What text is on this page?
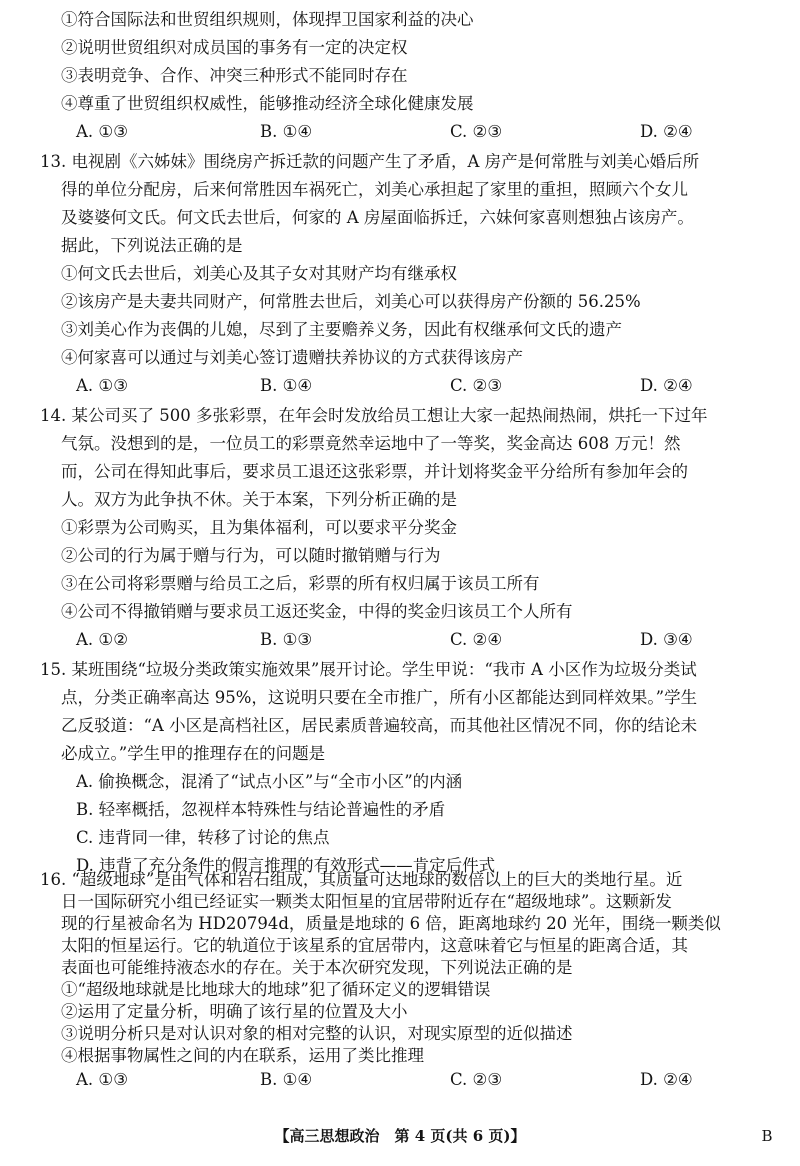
①符合国际法和世贸组织规则，体现捍卫国家利益的决心
②说明世贸组织对成员国的事务有一定的决定权
③表明竞争、合作、冲突三种形式不能同时存在
④尊重了世贸组织权威性，能够推动经济全球化健康发展
A. ①③	B. ①④	C. ②③	D. ②④
13. 电视剧《六姊妹》围绕房产拆迁款的问题产生了矛盾，A 房产是何常胜与刘美心婚后所
得的单位分配房，后来何常胜因车祸死亡，刘美心承担起了家里的重担，照顾六个女儿
及婆婆何文氏。何文氏去世后，何家的 A 房屋面临拆迁，六妹何家喜则想独占该房产。
据此，下列说法正确的是
①何文氏去世后，刘美心及其子女对其财产均有继承权
②该房产是夫妻共同财产，何常胜去世后，刘美心可以获得房产份额的 56.25%
③刘美心作为丧偶的儿媳，尽到了主要赡养义务，因此有权继承何文氏的遗产
④何家喜可以通过与刘美心签订遗赠扶养协议的方式获得该房产
A. ①③	B. ①④	C. ②③	D. ②④
14. 某公司买了 500 多张彩票，在年会时发放给员工想让大家一起热闹热闹，烘托一下过年
气氛。没想到的是，一位员工的彩票竟然幸运地中了一等奖，奖金高达 608 万元！然
而，公司在得知此事后，要求员工退还这张彩票，并计划将奖金平分给所有参加年会的
人。双方为此争执不休。关于本案，下列分析正确的是
①彩票为公司购买，且为集体福利，可以要求平分奖金
②公司的行为属于赠与行为，可以随时撤销赠与行为
③在公司将彩票赠与给员工之后，彩票的所有权归属于该员工所有
④公司不得撤销赠与要求员工返还奖金，中得的奖金归该员工个人所有
A. ①②	B. ①③	C. ②④	D. ③④
15. 某班围绕“垃圾分类政策实施效果”展开讨论。学生甲说：“我市 A 小区作为垃圾分类试
点，分类正确率高达 95%，这说明只要在全市推广，所有小区都能达到同样效果。”学生
乙反驳道：“A 小区是高档社区，居民素质普遍较高，而其他社区情况不同，你的结论未
必成立。”学生甲的推理存在的问题是
A. 偷换概念，混淆了“试点小区”与“全市小区”的内涵
B. 轻率概括，忽视样本特殊性与结论普遍性的矛盾
C. 违背同一律，转移了讨论的焦点
D. 违背了充分条件的假言推理的有效形式——肯定后件式
16. “超级地球”是由气体和岩石组成，其质量可达地球的数倍以上的巨大的类地行星。近
日一国际研究小组已经证实一颗类太阳恒星的宜居带附近存在“超级地球”。这颗新发
现的行星被命名为 HD20794d，质量是地球的 6 倍，距离地球约 20 光年，围绕一颗类似
太阳的恒星运行。它的轨道位于该星系的宜居带内，这意味着它与恒星的距离合适，其
表面也可能维持液态水的存在。关于本次研究发现，下列说法正确的是
①“超级地球就是比地球大的地球”犯了循环定义的逻辑错误
②运用了定量分析，明确了该行星的位置及大小
③说明分析只是对认识对象的相对完整的认识，对现实原型的近似描述
④根据事物属性之间的内在联系，运用了类比推理
A. ①③	B. ①④	C. ②③	D. ②④
【高三思想政治　第 4 页(共 6 页)】	B
